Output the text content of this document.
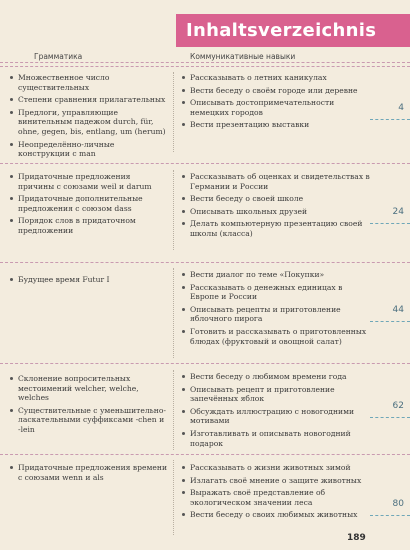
Inhaltsverzeichnis
Грамматика	Коммуникативные навыки
Множественное число существительных
Степени сравнения прилагательных
Предлоги, управляющие винительным падежом durch, für, ohne, gegen, bis, entlang, um (herum)
Неопределённо-личные конструкции с man
Рассказывать о летних каникулах
Вести беседу о своём городе или деревне
Описывать достопримечательности немецких городов
Вести презентацию выставки
4
Придаточные предложения причины с союзами weil и darum
Придаточные дополнительные предложения с союзом dass
Порядок слов в придаточном предложении
Рассказывать об оценках и свидетельствах в Германии и России
Вести беседу о своей школе
Описывать школьных друзей
Делать компьютерную презентацию своей школы (класса)
24
Будущее время Futur I
Вести диалог по теме «Покупки»
Рассказывать о денежных единицах в Европе и России
Описывать рецепты и приготовление яблочного пирога
Готовить и рассказывать о приготовленных блюдах (фруктовый и овощной салат)
44
Склонение вопросительных местоимений welcher, welche, welches
Существительные с уменьшительно-ласкательными суффиксами -chen и -lein
Вести беседу о любимом времени года
Описывать рецепт и приготовление запечённых яблок
Обсуждать иллюстрацию с новогодними мотивами
Изготавливать и описывать новогодний подарок
62
Придаточные предложения времени с союзами wenn и als
Рассказывать о жизни животных зимой
Излагать своё мнение о защите животных
Выражать своё представление об экологическом значении леса
Вести беседу о своих любимых животных
80
189
